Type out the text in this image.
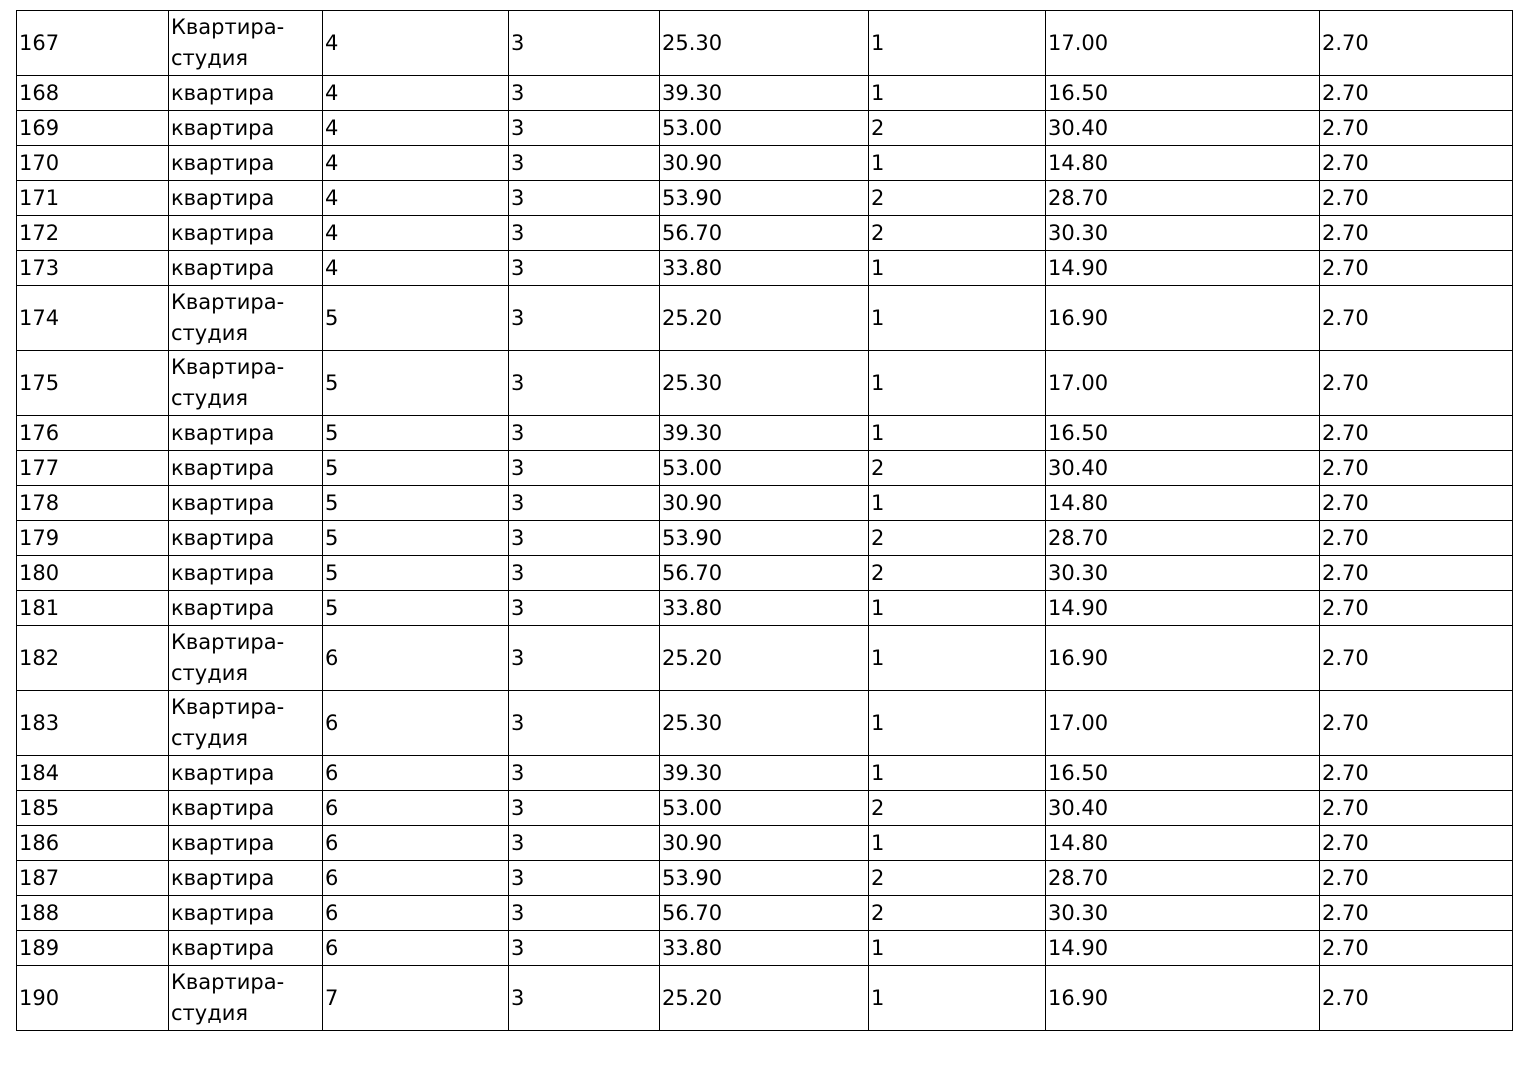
167	Квартира-студия	4	3	25.30	1	17.00	2.70
168	квартира	4	3	39.30	1	16.50	2.70
169	квартира	4	3	53.00	2	30.40	2.70
170	квартира	4	3	30.90	1	14.80	2.70
171	квартира	4	3	53.90	2	28.70	2.70
172	квартира	4	3	56.70	2	30.30	2.70
173	квартира	4	3	33.80	1	14.90	2.70
174	Квартира-студия	5	3	25.20	1	16.90	2.70
175	Квартира-студия	5	3	25.30	1	17.00	2.70
176	квартира	5	3	39.30	1	16.50	2.70
177	квартира	5	3	53.00	2	30.40	2.70
178	квартира	5	3	30.90	1	14.80	2.70
179	квартира	5	3	53.90	2	28.70	2.70
180	квартира	5	3	56.70	2	30.30	2.70
181	квартира	5	3	33.80	1	14.90	2.70
182	Квартира-студия	6	3	25.20	1	16.90	2.70
183	Квартира-студия	6	3	25.30	1	17.00	2.70
184	квартира	6	3	39.30	1	16.50	2.70
185	квартира	6	3	53.00	2	30.40	2.70
186	квартира	6	3	30.90	1	14.80	2.70
187	квартира	6	3	53.90	2	28.70	2.70
188	квартира	6	3	56.70	2	30.30	2.70
189	квартира	6	3	33.80	1	14.90	2.70
190	Квартира-студия	7	3	25.20	1	16.90	2.70
